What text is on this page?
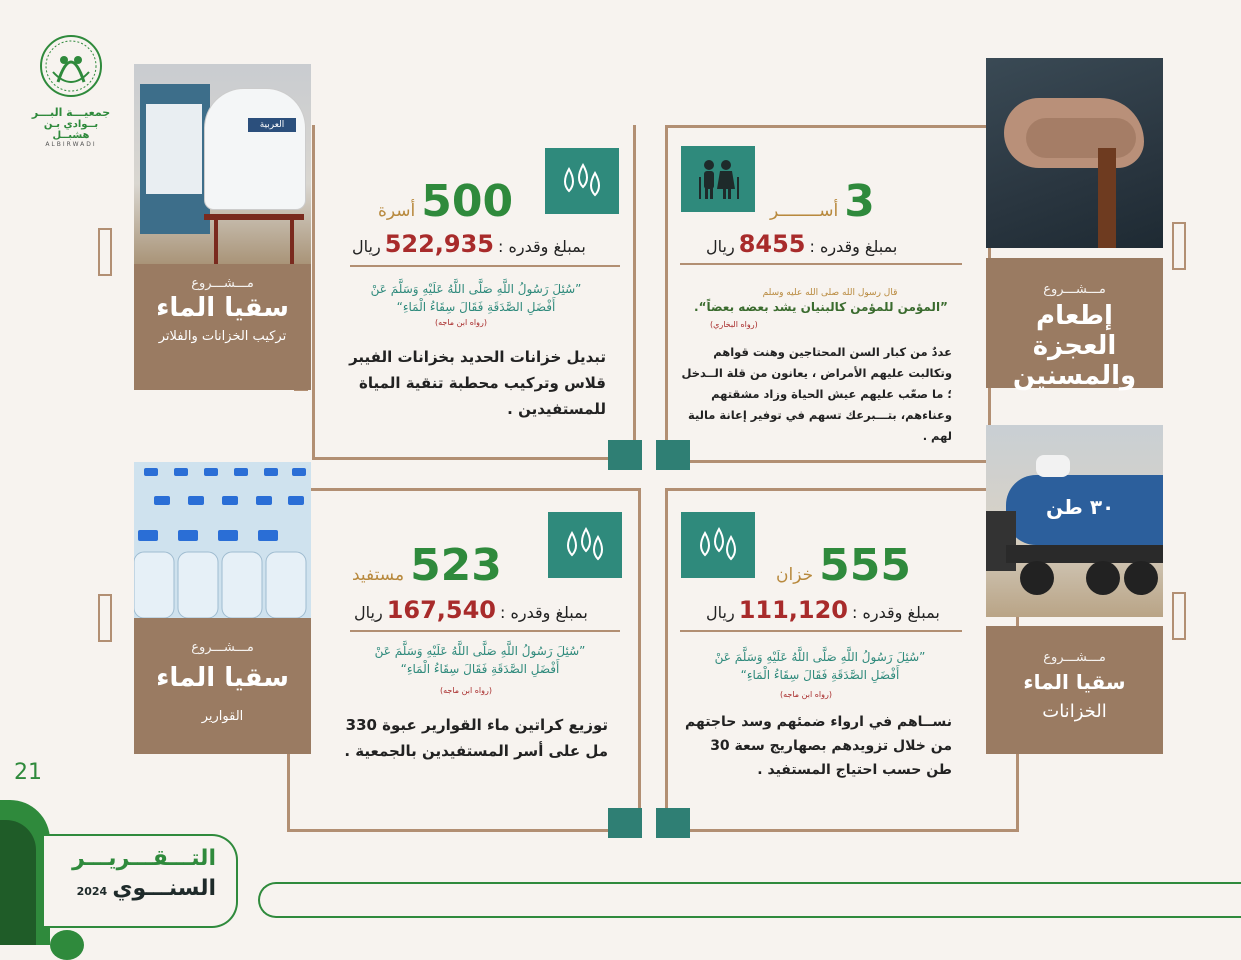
جمعيـــة البـــر
بــوادي بـن هشبــل
ALBIRWADI
العربية
٣٠ طن
مـــشـــروع
سقيا الماء
تركيب الخزانات والفلاتر
مـــشـــروع
إطعام العجزة والمسنين
مـــشـــروع
سقيا الماء
القوارير
مـــشـــروع
سقيا الماء
الخزانات
500أسرة
بمبلغ وقدره :522,935ريال
”سُئِلَ رَسُولُ اللَّهِ صَلَّى اللَّهُ عَلَيْهِ وَسَلَّمَ عَنْ أَفْضَلِ الصَّدَقَةِ فَقَالَ سِقَاءُ الْمَاءِ“
(رواه ابن ماجه)
تبديل خزانات الحديد بخزانات الفيبر قلاس وتركيب محطبة تنقية المياة للمستفيدين .
3أســــــــر
بمبلغ وقدره :8455ريال
قال رسول الله صلى الله عليه وسلم
”المؤمن للمؤمن كالبنيان يشد بعضه بعضاً“.
(رواه البخاري)
عددٌ من كبار السن المحتاجين وهنت قواهم وتكالبت عليهم الأمراض ، يعانون من قلة الــدخل ؛ ما صعّب عليهم عيش الحياة وزاد مشقتهم وعناءهم، بتـــبرعك تسهم في توفير إعانة مالية لهم .
523مستفيد
بمبلغ وقدره :167,540ريال
”سُئِلَ رَسُولُ اللَّهِ صَلَّى اللَّهُ عَلَيْهِ وَسَلَّمَ عَنْ أَفْضَلِ الصَّدَقَةِ فَقَالَ سِقَاءُ الْمَاءِ“
(رواه ابن ماجه)
توزيع كراتين ماء القوارير عبوة 330 مل على أسر المستفيدين بالجمعية .
555خزان
بمبلغ وقدره :111,120ريال
”سُئِلَ رَسُولُ اللَّهِ صَلَّى اللَّهُ عَلَيْهِ وَسَلَّمَ عَنْ أَفْضَلِ الصَّدَقَةِ فَقَالَ سِقَاءُ الْمَاءِ“
(رواه ابن ماجه)
نســاهم في ارواء ضمئهم وسد حاجتهم من خلال تزويدهم بصهاريج سعة 30 طن حسب احتياج المستفيد .
21
التـــقـــريـــر
السنـــوي 2024
